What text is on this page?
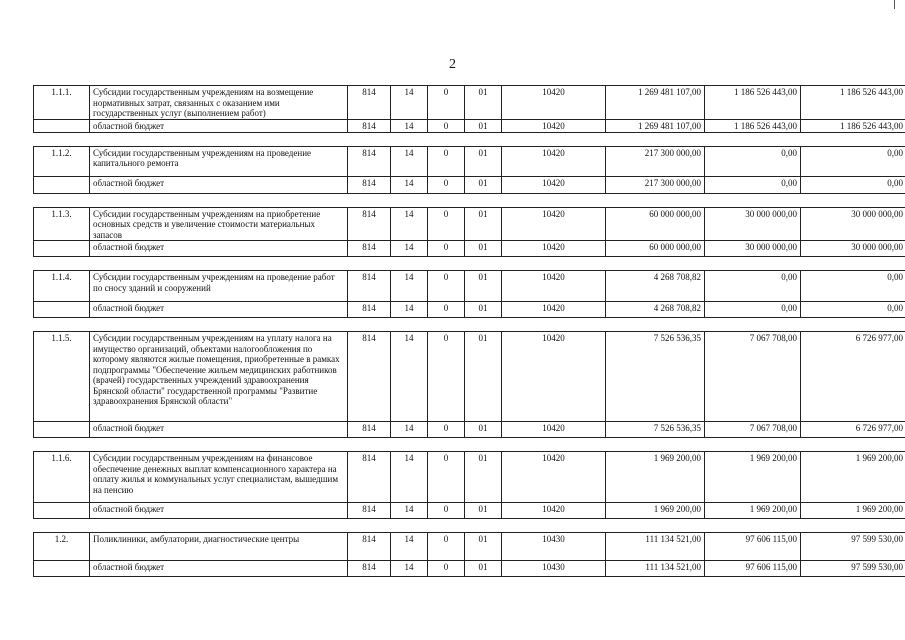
2
1.1.1.	Субсидии государственным учреждениям на возмещение нормативных затрат, связанных с оказанием ими государственных услуг (выполнением работ)	814	14	0	01	10420	1 269 481 107,00	1 186 526 443,00	1 186 526 443,00
	областной бюджет	814	14	0	01	10420	1 269 481 107,00	1 186 526 443,00	1 186 526 443,00

1.1.2.	Субсидии государственным учреждениям на проведение капитального ремонта	814	14	0	01	10420	217 300 000,00	0,00	0,00
	областной бюджет	814	14	0	01	10420	217 300 000,00	0,00	0,00

1.1.3.	Субсидии государственным учреждениям на приобретение основных средств и увеличение стоимости материальных запасов	814	14	0	01	10420	60 000 000,00	30 000 000,00	30 000 000,00
	областной бюджет	814	14	0	01	10420	60 000 000,00	30 000 000,00	30 000 000,00

1.1.4.	Субсидии государственным учреждениям на проведение работ по сносу зданий и сооружений	814	14	0	01	10420	4 268 708,82	0,00	0,00
	областной бюджет	814	14	0	01	10420	4 268 708,82	0,00	0,00

1.1.5.	Субсидии государственным учреждениям на уплату налога на имущество организаций, объектами налогообложения по которому являются жилые помещения, приобретенные в рамках подпрограммы "Обеспечение жильем медицинских работников (врачей) государственных учреждений здравоохранения Брянской области" государственной программы "Развитие здравоохранения Брянской области"	814	14	0	01	10420	7 526 536,35	7 067 708,00	6 726 977,00
	областной бюджет	814	14	0	01	10420	7 526 536,35	7 067 708,00	6 726 977,00

1.1.6.	Субсидии государственным учреждениям на финансовое обеспечение денежных выплат компенсационного характера на оплату жилья и коммунальных услуг специалистам, вышедшим на пенсию	814	14	0	01	10420	1 969 200,00	1 969 200,00	1 969 200,00
	областной бюджет	814	14	0	01	10420	1 969 200,00	1 969 200,00	1 969 200,00

1.2.	Поликлиники, амбулатории, диагностические центры	814	14	0	01	10430	111 134 521,00	97 606 115,00	97 599 530,00
	областной бюджет	814	14	0	01	10430	111 134 521,00	97 606 115,00	97 599 530,00
